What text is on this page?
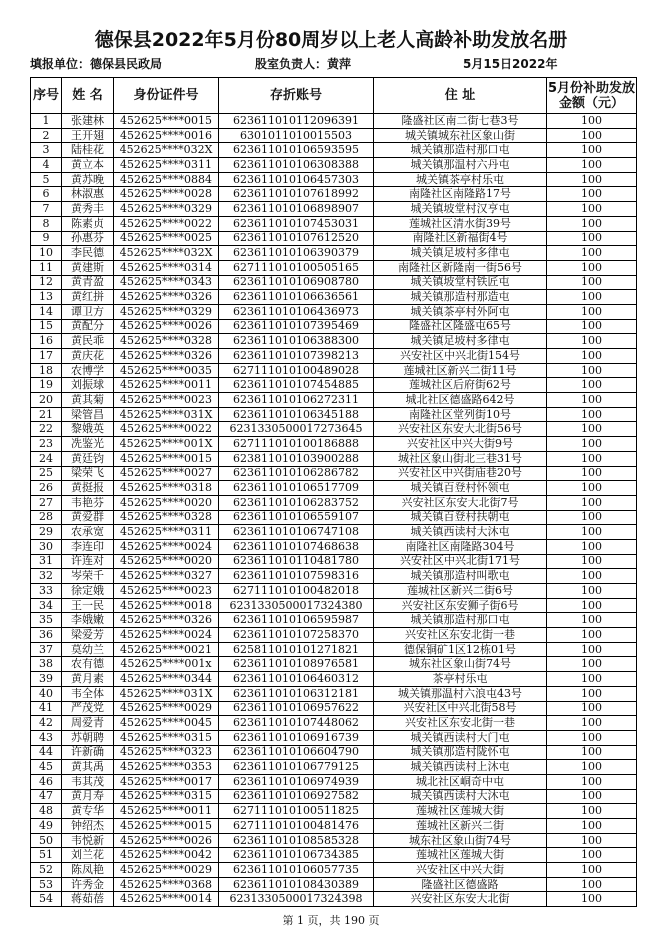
德保县2022年5月份80周岁以上老人高龄补助发放名册
填报单位：德保县民政局	股室负责人：黄萍	5月15日2022年
序号	姓 名	身份证件号	存折账号	住 址	5月份补助发放
金额（元）

1	张建林	452625****0015	623611010112096391	隆盛社区南二街七巷3号	100
2	王开翅	452625****0016	6301011010015503	城关镇城东社区象山街	100
3	陆桂花	452625****032X	623611010106593595	城关镇那造村那口屯	100
4	黄立本	452625****0311	623611010106308388	城关镇那温村六丹屯	100
5	黄苏晚	452625****0884	623611010106457303	城关镇茶亭村乐屯	100
6	林淑惠	452625****0028	623611010107618992	南隆社区南隆路17号	100
7	黄秀丰	452625****0329	623611010106898907	城关镇坡堂村汉亨屯	100
8	陈素贞	452625****0022	623611010107453031	莲城社区清水街39号	100
9	孙惠芬	452625****0025	623611010107612520	南隆社区新福街4号	100
10	李民德	452625****032X	623611010106390379	城关镇足坡村多律屯	100
11	黄建斯	452625****0314	627111010100505165	南隆社区新隆南一街56号	100
12	黄青盈	452625****0343	623611010106908780	城关镇坡堂村铁匠屯	100
13	黄红拼	452625****0326	623611010106636561	城关镇那造村那造屯	100
14	谭卫方	452625****0329	623611010106436973	城关镇茶亭村外阿屯	100
15	黄配分	452625****0026	623611010107395469	隆盛社区隆盛屯65号	100
16	黄民乖	452625****0328	623611010106388300	城关镇足坡村多律屯	100
17	黄庆花	452625****0326	623611010107398213	兴安社区中兴北街154号	100
18	农博学	452625****0035	627111010100489028	莲城社区新兴二街11号	100
19	刘振球	452625****0011	623611010107454885	莲城社区后府街62号	100
20	黄其菊	452625****0023	623611010106272311	城北社区德盛路642号	100
21	梁管昌	452625****031X	623611010106345188	南隆社区堂列街10号	100
22	黎娥英	452625****0022	6231330500017273645	兴安社区东安大北街56号	100
23	冼鉴光	452625****001X	627111010100186888	兴安社区中兴大街9号	100
24	黄廷钧	452625****0015	623811010103900288	城社区象山街北三巷31号	100
25	梁荣飞	452625****0027	623611010106286782	兴安社区中兴街庙巷20号	100
26	黄挺报	452625****0318	623611010106517709	城关镇百登村怀领屯	100
27	韦艳芬	452625****0020	623611010106283752	兴安社区东安大北街7号	100
28	黄爱群	452625****0328	623611010106559107	城关镇百登村扶朝屯	100
29	农承宽	452625****0311	623611010106747108	城关镇西读村大沐屯	100
30	李连印	452625****0024	623611010107468638	南隆社区南隆路304号	100
31	许连对	452625****0020	623611010110481780	兴安社区中兴北街171号	100
32	岑荣千	452625****0327	623611010107598316	城关镇那造村叫歌屯	100
33	徐定娥	452625****0023	627111010100482018	莲城社区新兴二街6号	100
34	王一民	452625****0018	6231330500017324380	兴安社区东安狮子街6号	100
35	李娥嫩	452625****0326	623611010106595987	城关镇那造村那口屯	100
36	梁爱芳	452625****0024	623611010107258370	兴安社区东安北街一巷	100
37	莫幼兰	452625****0021	625811010101271821	德保铜矿1区12栋01号	100
38	农有德	452625****001x	623611010108976581	城东社区象山街74号	100
39	黄月素	452625****0344	623611010106460312	茶亭村乐屯	100
40	韦全体	452625****031X	623611010106312181	城关镇那温村六浪屯43号	100
41	严茂党	452625****0029	623611010106957622	兴安社区中兴北街58号	100
42	周爱青	452625****0045	623611010107448062	兴安社区东安北街一巷	100
43	苏朝聘	452625****0315	623611010106916739	城关镇西读村大门屯	100
44	许新确	452625****0323	623611010106604790	城关镇那造村陇怀屯	100
45	黄其禹	452625****0353	623611010106779125	城关镇西读村上沐屯	100
46	韦其茂	452625****0017	623611010106974939	城北社区峒奇中屯	100
47	黄月寿	452625****0315	623611010106927582	城关镇西读村大沐屯	100
48	黄专华	452625****0011	627111010100511825	莲城社区莲城大街	100
49	钟绍杰	452625****0015	627111010100481476	莲城社区新兴二街	100
50	韦悦新	452625****0026	623611010108585328	城东社区象山街74号	100
51	刘兰花	452625****0042	623611010106734385	莲城社区莲城大街	100
52	陈凤艳	452625****0029	623611010106057735	兴安社区中兴大街	100
53	许秀金	452625****0368	623611010108430389	隆盛社区德盛路	100
54	蒋茹蓓	452625****0014	6231330500017324398	兴安社区东安大北街	100
第 1 页，共 190 页
